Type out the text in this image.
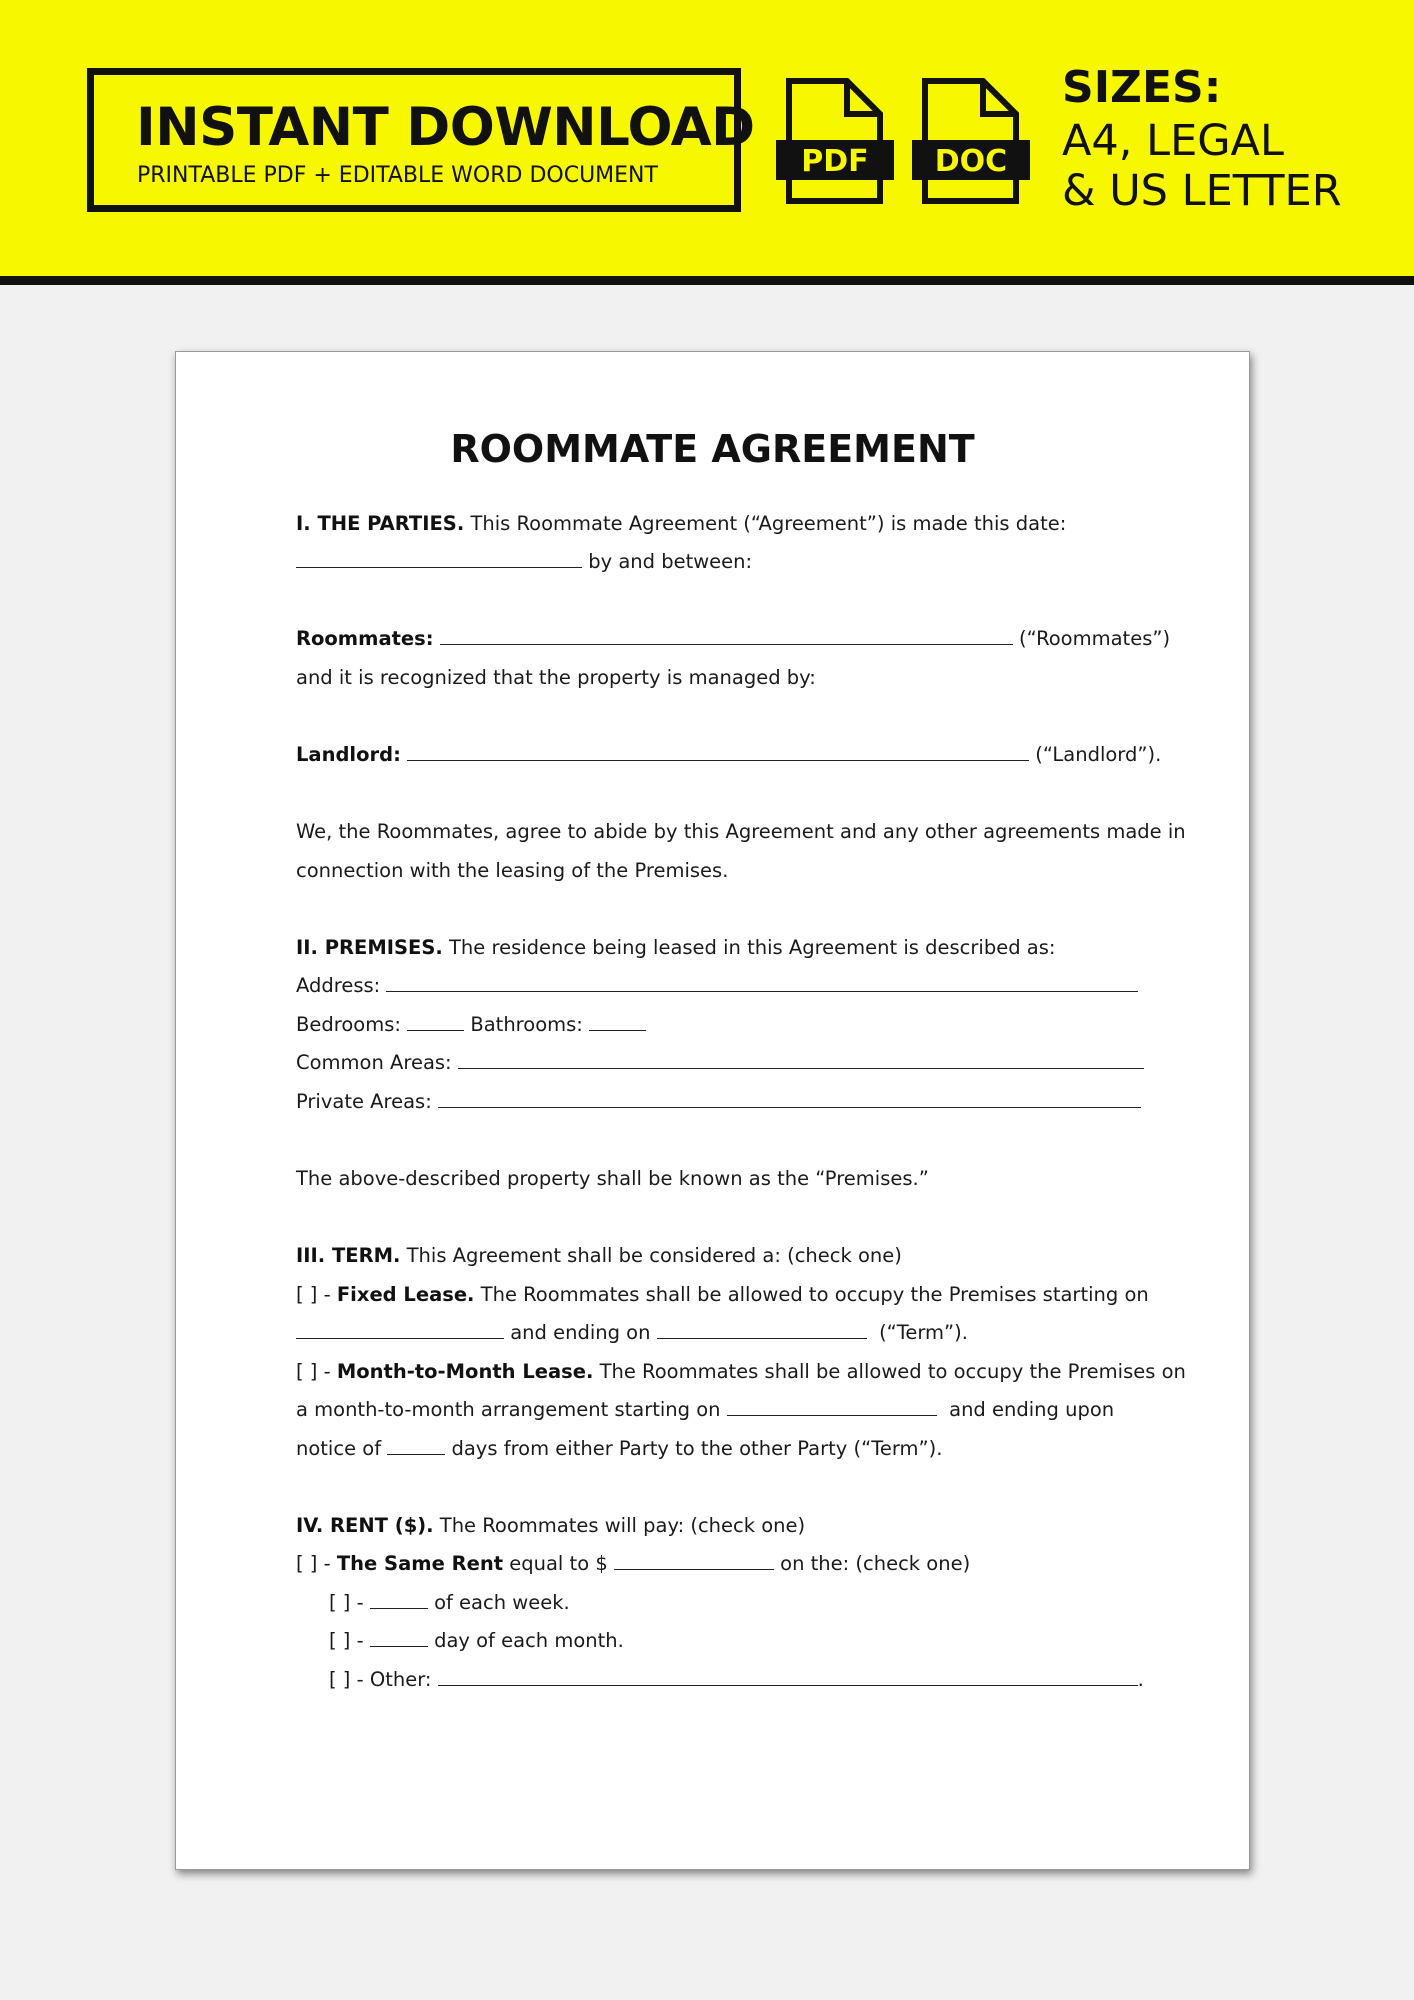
INSTANT DOWNLOAD
PRINTABLE PDF + EDITABLE WORD DOCUMENT	PDF DOC
SIZES:
A4, LEGAL
& US LETTER
ROOMMATE AGREEMENT
I. THE PARTIES. This Roommate Agreement (“Agreement”) is made this date:
by and between:
Roommates:	(“Roommates”)
and it is recognized that the property is managed by:
Landlord:	(“Landlord”).
We, the Roommates, agree to abide by this Agreement and any other agreements made in
connection with the leasing of the Premises.
II. PREMISES. The residence being leased in this Agreement is described as:
Address:
Bedrooms:	Bathrooms:
Common Areas:
Private Areas:
The above-described property shall be known as the “Premises.”
III. TERM. This Agreement shall be considered a: (check one)
[ ] - Fixed Lease. The Roommates shall be allowed to occupy the Premises starting on
and ending on	(“Term”).
[ ] - Month-to-Month Lease. The Roommates shall be allowed to occupy the Premises on
a month-to-month arrangement starting on	and ending upon
notice of	days from either Party to the other Party (“Term”).
IV. RENT ($). The Roommates will pay: (check one)
[ ] - The Same Rent equal to $	on the: (check one)
[ ] -	of each week.
[ ] -	day of each month.
[ ] - Other:	.
